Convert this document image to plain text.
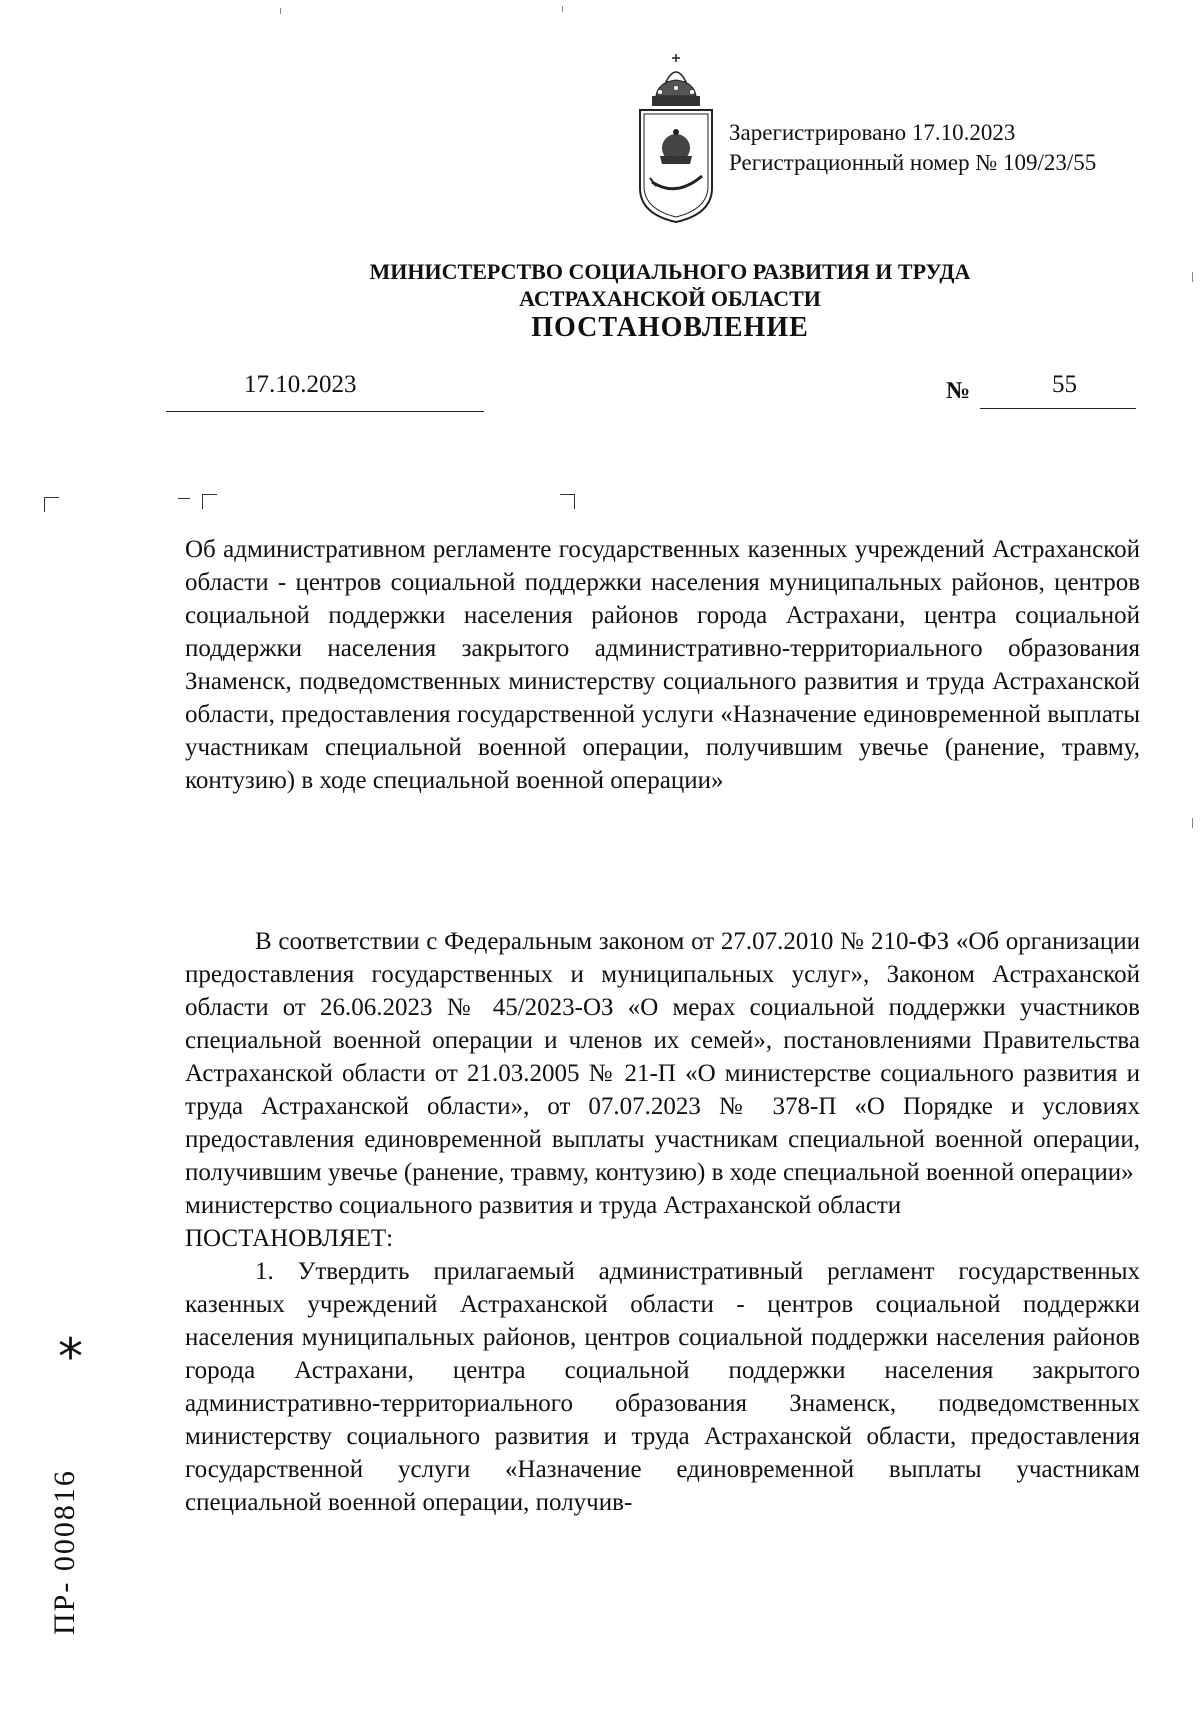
Зарегистрировано 17.10.2023
Регистрационный номер № 109/23/55
МИНИСТЕРСТВО СОЦИАЛЬНОГО РАЗВИТИЯ И ТРУДА
АСТРАХАНСКОЙ ОБЛАСТИ
ПОСТАНОВЛЕНИЕ
17.10.2023	№	55

Об административном регламенте государственных казенных учреждений Астраханской области - центров социальной поддержки населения муниципальных районов, центров социальной поддержки населения районов города Астрахани, центра социальной поддержки населения закрытого административно-территориального образования Знаменск, подведомственных министерству социального развития и труда Астраханской области, предоставления государственной услуги «Назначение единовременной выплаты участникам специальной военной операции, получившим увечье (ранение, травму, контузию) в ходе специальной военной операции»

В соответствии с Федеральным законом от 27.07.2010 № 210-ФЗ «Об организации предоставления государственных и муниципальных услуг», Законом Астраханской области от 26.06.2023 № 45/2023-ОЗ «О мерах социальной поддержки участников специальной военной операции и членов их семей», постановлениями Правительства Астраханской области от 21.03.2005 № 21-П «О министерстве социального развития и труда Астраханской области», от 07.07.2023 № 378-П «О Порядке и условиях предоставления единовременной выплаты участникам специальной военной операции, получившим увечье (ранение, травму, контузию) в ходе специальной военной операции»

министерство социального развития и труда Астраханской области
ПОСТАНОВЛЯЕТ:

1. Утвердить прилагаемый административный регламент государственных казенных учреждений Астраханской области - центров социальной поддержки населения муниципальных районов, центров социальной поддержки населения районов города Астрахани, центра социальной поддержки населения закрытого административно-территориального образования Знаменск, подведомственных министерству социального развития и труда Астраханской области, предоставления государственной услуги «Назначение единовременной выплаты участникам специальной военной операции, получив-

*
ПР- 000816
